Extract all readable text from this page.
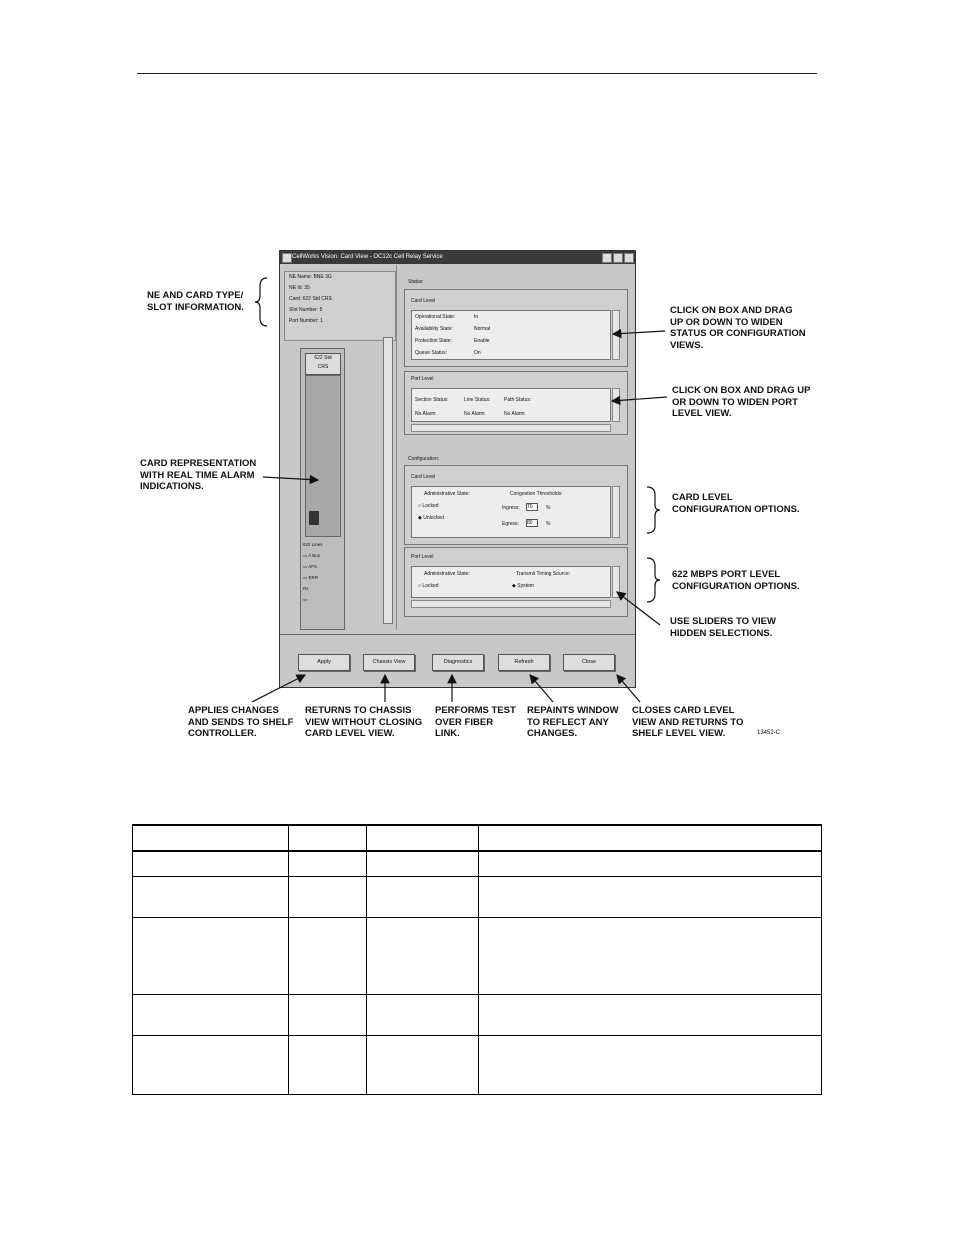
CellWorks Vision: Card View - OC12c Cell Relay Service
NE Name: BNE 3G
NE Id: 35
Card: 622 Std CRS
Slot Number: 5
Port Number: 1
622 Std
CRS
622 Lines
▭ A Bus
▭ AFS
▭ ERR
Rx
▭
Status:
Card Level
Operational State:	In
Availability State:	Normal
Protection State:	Enable
Queue Status:	On
Port Level
Section Status:	Line Status:	Path Status:
No Alarm	No Alarm	No Alarm
Configuration:
Card Level
Administrative State:
○ Locked
◆ Unlocked
Congestion Thresholds:
Ingress: 70	%
Egress: 80	%
Port Level
Administrative State:
○ Locked
Transmit Timing Source:
◆ System
Apply	Chassis View	Diagnostics	Refresh	Close
NE AND CARD TYPE/
SLOT INFORMATION.	CLICK ON BOX AND DRAG
UP OR DOWN TO WIDEN
STATUS OR CONFIGURATION
VIEWS.
CLICK ON BOX AND DRAG UP
OR DOWN TO WIDEN PORT
LEVEL VIEW.
CARD REPRESENTATION
WITH REAL TIME ALARM
INDICATIONS.
CARD LEVEL
CONFIGURATION OPTIONS.
622 MBPS PORT LEVEL
CONFIGURATION OPTIONS.
USE SLIDERS TO VIEW
HIDDEN SELECTIONS.
APPLIES CHANGES
AND SENDS TO SHELF
CONTROLLER.
RETURNS TO CHASSIS
VIEW WITHOUT CLOSING
CARD LEVEL VIEW.
PERFORMS TEST
OVER FIBER
LINK.
REPAINTS WINDOW
TO REFLECT ANY
CHANGES.
CLOSES CARD LEVEL
VIEW AND RETURNS TO
SHELF LEVEL VIEW.	13452-C
